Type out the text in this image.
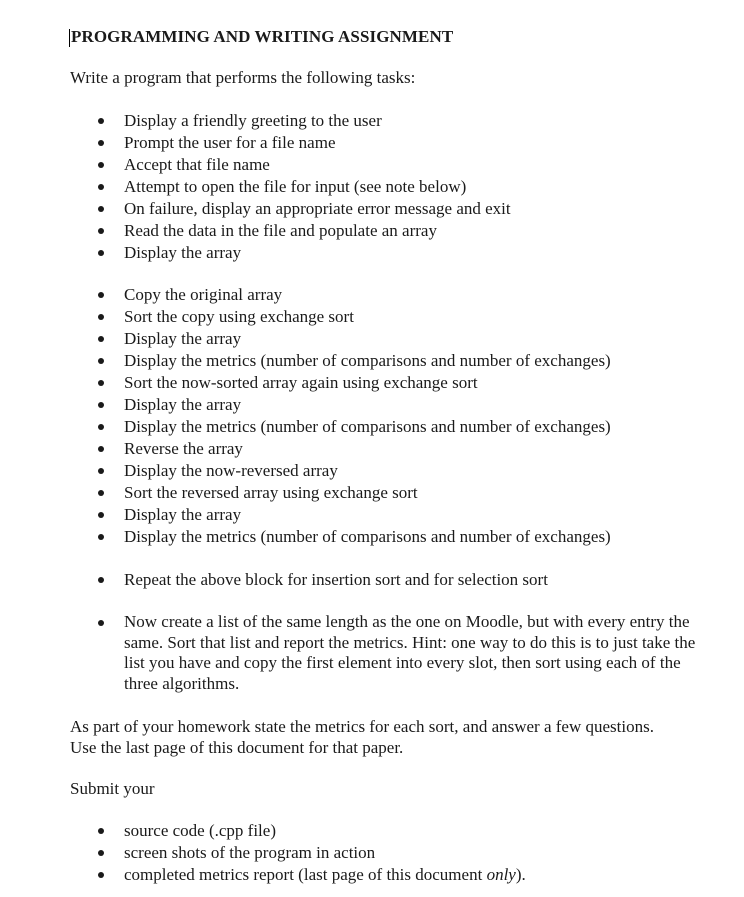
PROGRAMMING AND WRITING ASSIGNMENT
Write a program that performs the following tasks:
Display a friendly greeting to the user
Prompt the user for a file name
Accept that file name
Attempt to open the file for input (see note below)
On failure, display an appropriate error message and exit
Read the data in the file and populate an array
Display the array
Copy the original array
Sort the copy using exchange sort
Display the array
Display the metrics (number of comparisons and number of exchanges)
Sort the now-sorted array again using exchange sort
Display the array
Display the metrics (number of comparisons and number of exchanges)
Reverse the array
Display the now-reversed array
Sort the reversed array using exchange sort
Display the array
Display the metrics (number of comparisons and number of exchanges)
Repeat the above block for insertion sort and for selection sort
Now create a list of the same length as the one on Moodle, but with every entry the same. Sort that list and report the metrics. Hint: one way to do this is to just take the list you have and copy the first element into every slot, then sort using each of the three algorithms.
As part of your homework state the metrics for each sort, and answer a few questions.
Use the last page of this document for that paper.
Submit your
source code (.cpp file)
screen shots of the program in action
completed metrics report (last page of this document only).
